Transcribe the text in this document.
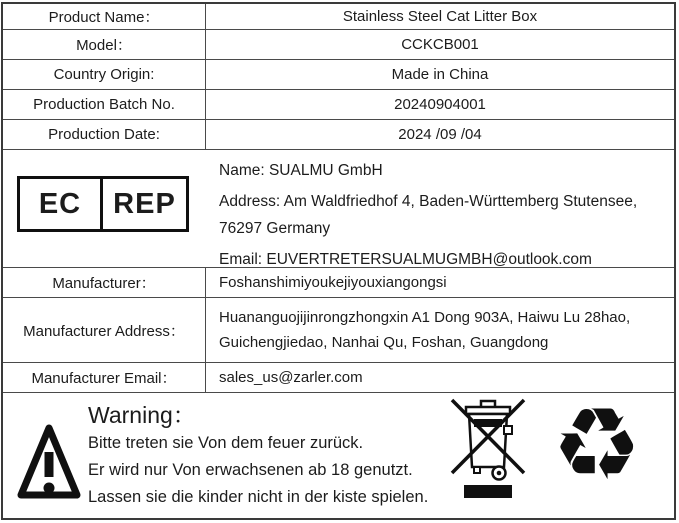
Product Name：	Stainless Steel Cat Litter Box
Model：	CCKCB001
Country Origin:	Made in China
Production Batch No.	20240904001
Production Date:	2024 /09 /04
EC	REP

Name: SUALMU GmbH

Address: Am Waldfriedhof 4, Baden-Württemberg Stutensee,

76297 Germany

Email: EUVERTRETERSUALMUGMBH@outlook.com

Manufacturer：	Foshanshimiyoukejiyouxiangongsi
Manufacturer Address：
Huananguojijinrongzhongxin A1 Dong 903A, Haiwu Lu 28hao, Guichengjiedao, Nanhai Qu, Foshan, Guangdong
Manufacturer Email：	sales_us@zarler.com
Warning：
Bitte treten sie Von dem feuer zurück.
Er wird nur Von erwachsenen ab 18 genutzt.
Lassen sie die kinder nicht in der kiste spielen. ♻
